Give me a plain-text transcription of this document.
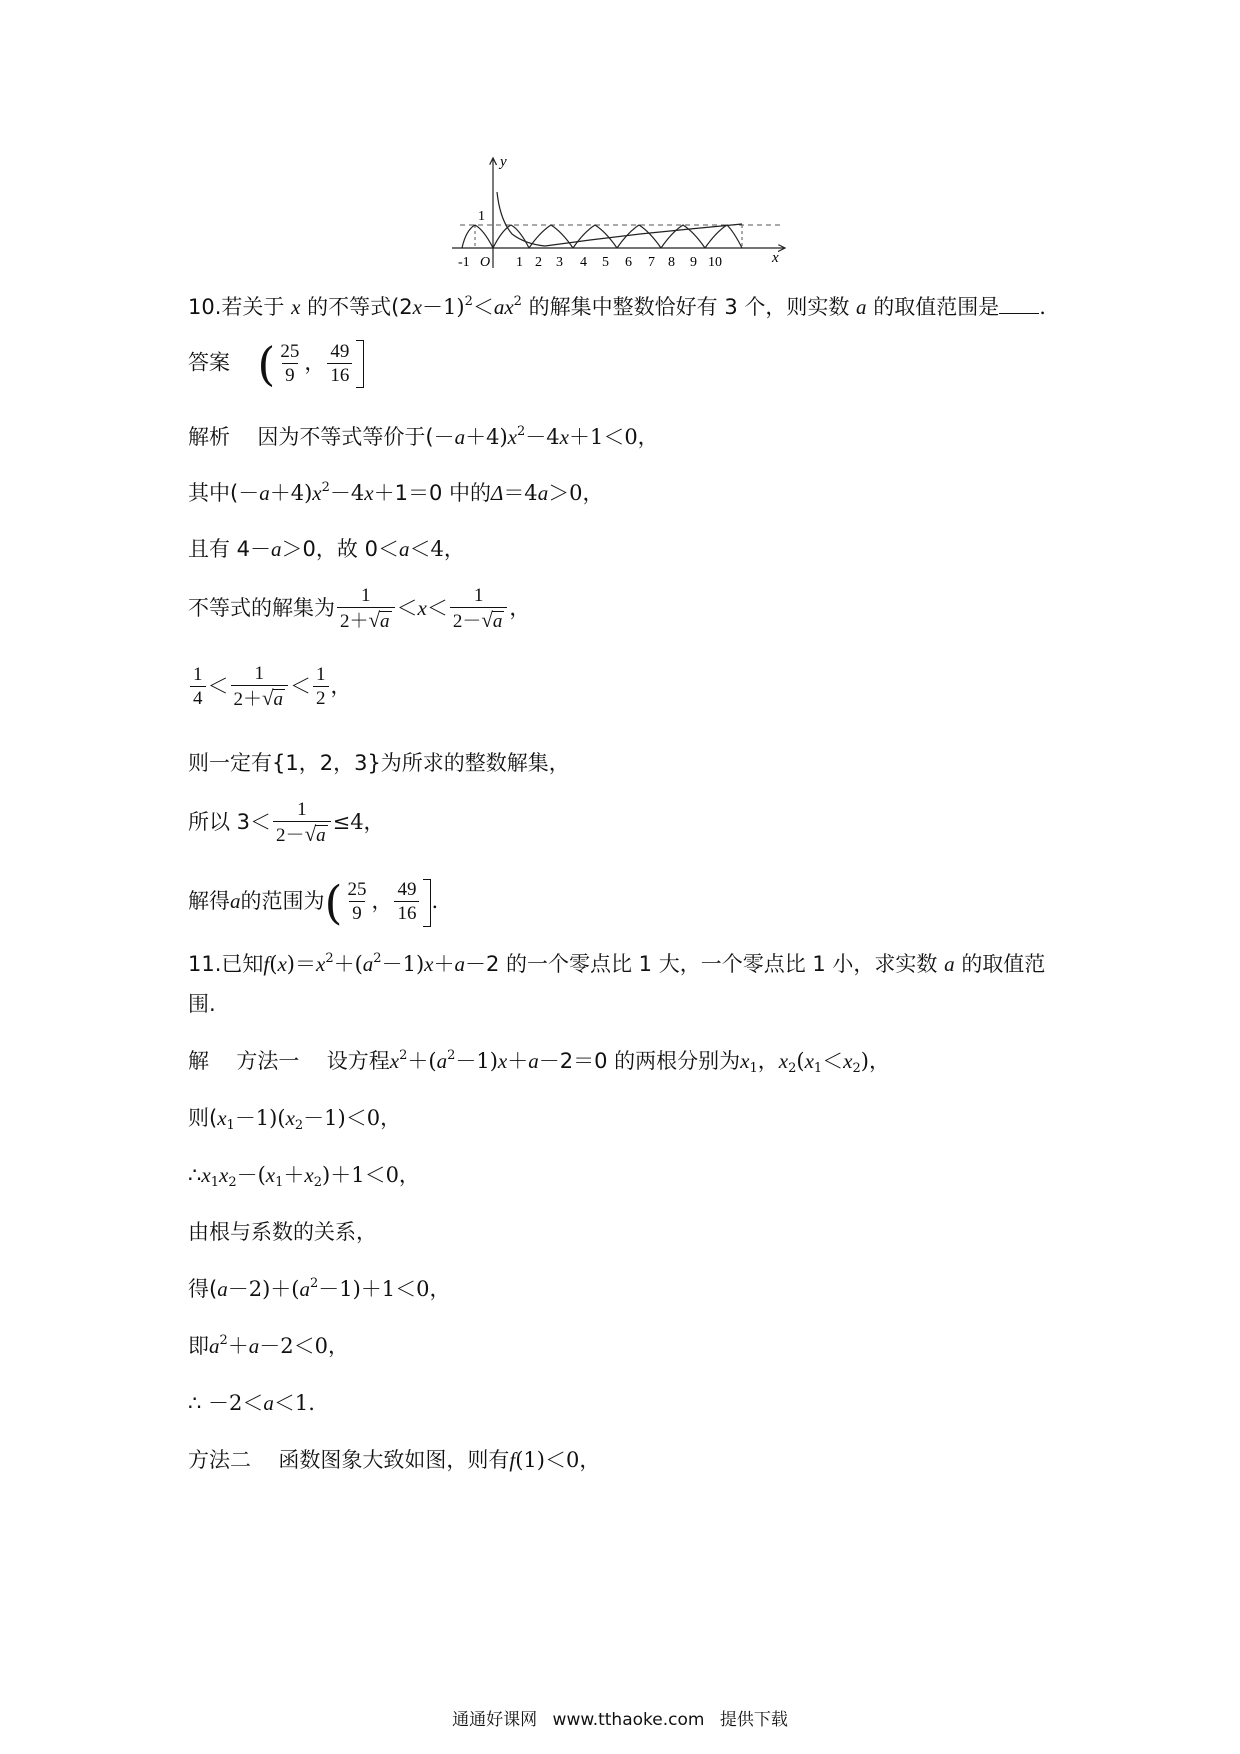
y
x
1
O
-1	1 2 3 4 5 6 7 8 9 10
10.若关于 x 的不等式$(2x-1)^2<ax^2$ 的解集中整数恰好有 3 个，则实数 a 的取值范围是 .
答案 ( $\frac{25}{9}$ ， $\frac{49}{16}$
解析 因为不等式等价于$(-a+4)x^2-4x+1<0$，
其中$(-a+4)x^2-4x+1=0$ 中的Δ＝4a＞0，
且有 4－a＞0，故 0＜a＜4，
不等式的解集为 $\frac{1}{2+√a} <x< \frac{1}{2-√a}$ ，
$\frac{1}{4} < \frac{1}{2+√a} < \frac{1}{2}$ ，
则一定有{1，2，3}为所求的整数解集，
所以 $3< \frac{1}{2-√a} \le 4$，
解得a的范围为( $\frac{25}{9}$ ， $\frac{49}{16}$ .
11.已知$f(x)=x^2+(a^2-1)x+a-2$ 的一个零点比 1 大，一个零点比 1 小，求实数 a 的取值范围.
解 方法一 设方程$x^2+(a^2-1)x+a-2=0$ 的两根分别为$x_1$，$x_2(x_1<x_2)$，
则$(x_1-1)(x_2-1)<0$，
$\therefore x_1x_2-(x_1+x_2)+1<0$，
由根与系数的关系，
得$(a-2)+(a^2-1)+1<0$，
即$a^2+a-2<0$，
∴ －2＜a＜1.
方法二 函数图象大致如图，则有f(1)＜0，
通通好课网 www.tthaoke.com 提供下载
